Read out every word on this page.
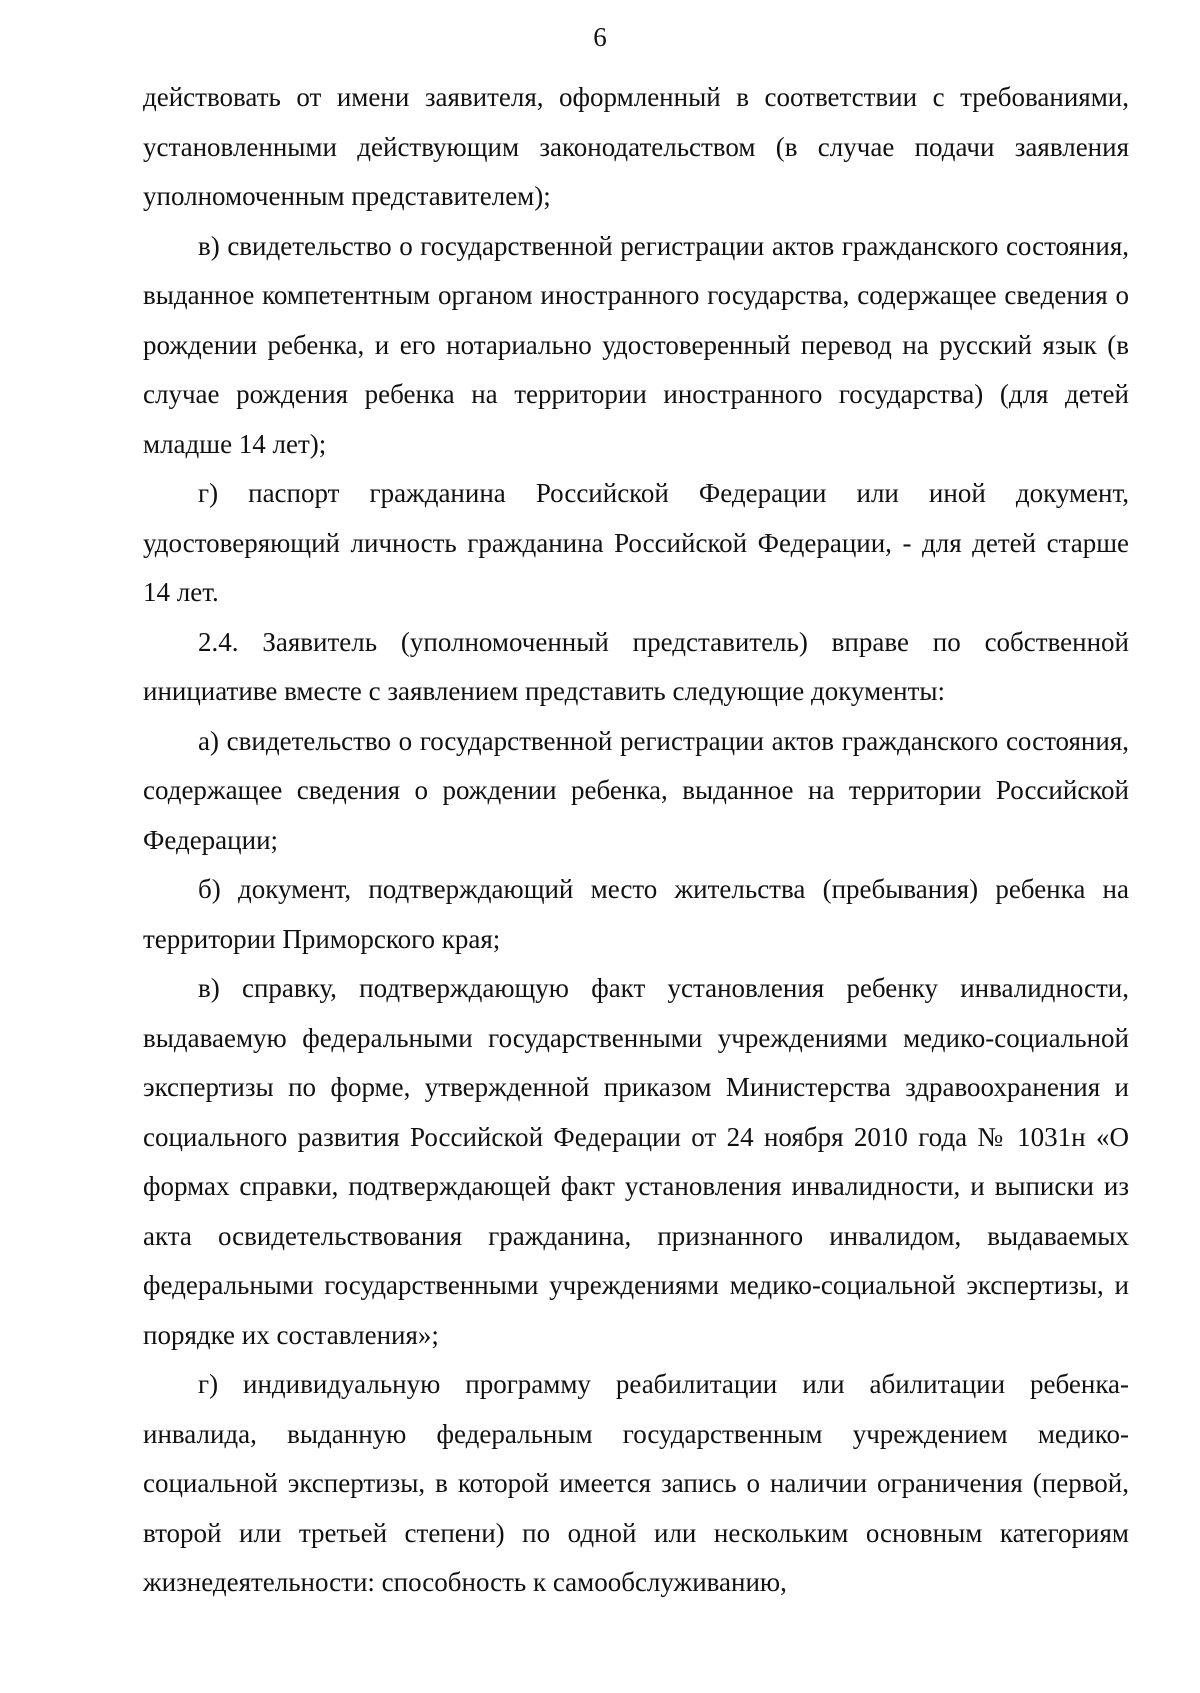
6

действовать от имени заявителя, оформленный в соответствии с требованиями, установленными действующим законодательством (в случае подачи заявления уполномоченным представителем);

в) свидетельство о государственной регистрации актов гражданского состояния, выданное компетентным органом иностранного государства, содержащее сведения о рождении ребенка, и его нотариально удостоверенный перевод на русский язык (в случае рождения ребенка на территории иностранного государства) (для детей младше 14 лет);

г) паспорт гражданина Российской Федерации или иной документ, удостоверяющий личность гражданина Российской Федерации, - для детей старше 14 лет.

2.4. Заявитель (уполномоченный представитель) вправе по собственной инициативе вместе с заявлением представить следующие документы:

а) свидетельство о государственной регистрации актов гражданского состояния, содержащее сведения о рождении ребенка, выданное на территории Российской Федерации;

б) документ, подтверждающий место жительства (пребывания) ребенка на территории Приморского края;

в) справку, подтверждающую факт установления ребенку инвалидности, выдаваемую федеральными государственными учреждениями медико-социальной экспертизы по форме, утвержденной приказом Министерства здравоохранения и социального развития Российской Федерации от 24 ноября 2010 года № 1031н «О формах справки, подтверждающей факт установления инвалидности, и выписки из акта освидетельствования гражданина, признанного инвалидом, выдаваемых федеральными государственными учреждениями медико-социальной экспертизы, и порядке их составления»;

г) индивидуальную программу реабилитации или абилитации ребенка-инвалида, выданную федеральным государственным учреждением медико-социальной экспертизы, в которой имеется запись о наличии ограничения (первой, второй или третьей степени) по одной или нескольким основным категориям жизнедеятельности: способность к самообслуживанию,
